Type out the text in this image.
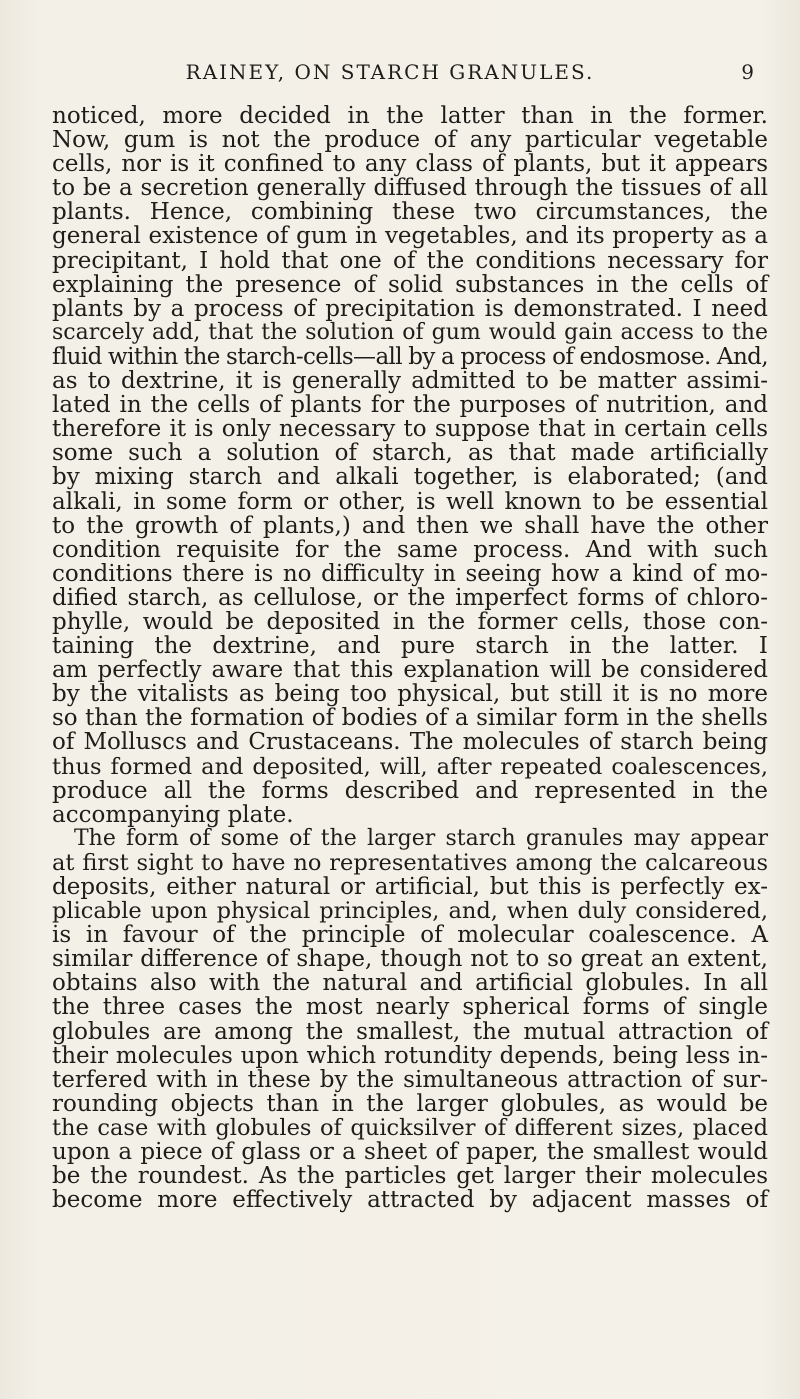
RAINEY, ON STARCH GRANULES.	9
noticed, more decided in the latter than in the former.
Now, gum is not the produce of any particular vegetable
cells, nor is it confined to any class of plants, but it appears
to be a secretion generally diffused through the tissues of all
plants. Hence, combining these two circumstances, the
general existence of gum in vegetables, and its property as a
precipitant, I hold that one of the conditions necessary for
explaining the presence of solid substances in the cells of
plants by a process of precipitation is demonstrated. I need
scarcely add, that the solution of gum would gain access to the
fluid within the starch-cells—all by a process of endosmose. And,
as to dextrine, it is generally admitted to be matter assimi-
lated in the cells of plants for the purposes of nutrition, and
therefore it is only necessary to suppose that in certain cells
some such a solution of starch, as that made artificially
by mixing starch and alkali together, is elaborated; (and
alkali, in some form or other, is well known to be essential
to the growth of plants,) and then we shall have the other
condition requisite for the same process. And with such
conditions there is no difficulty in seeing how a kind of mo-
dified starch, as cellulose, or the imperfect forms of chloro-
phylle, would be deposited in the former cells, those con-
taining the dextrine, and pure starch in the latter. I
am perfectly aware that this explanation will be considered
by the vitalists as being too physical, but still it is no more
so than the formation of bodies of a similar form in the shells
of Molluscs and Crustaceans. The molecules of starch being
thus formed and deposited, will, after repeated coalescences,
produce all the forms described and represented in the
accompanying plate.
The form of some of the larger starch granules may appear
at first sight to have no representatives among the calcareous
deposits, either natural or artificial, but this is perfectly ex-
plicable upon physical principles, and, when duly considered,
is in favour of the principle of molecular coalescence. A
similar difference of shape, though not to so great an extent,
obtains also with the natural and artificial globules. In all
the three cases the most nearly spherical forms of single
globules are among the smallest, the mutual attraction of
their molecules upon which rotundity depends, being less in-
terfered with in these by the simultaneous attraction of sur-
rounding objects than in the larger globules, as would be
the case with globules of quicksilver of different sizes, placed
upon a piece of glass or a sheet of paper, the smallest would
be the roundest. As the particles get larger their molecules
become more effectively attracted by adjacent masses of
